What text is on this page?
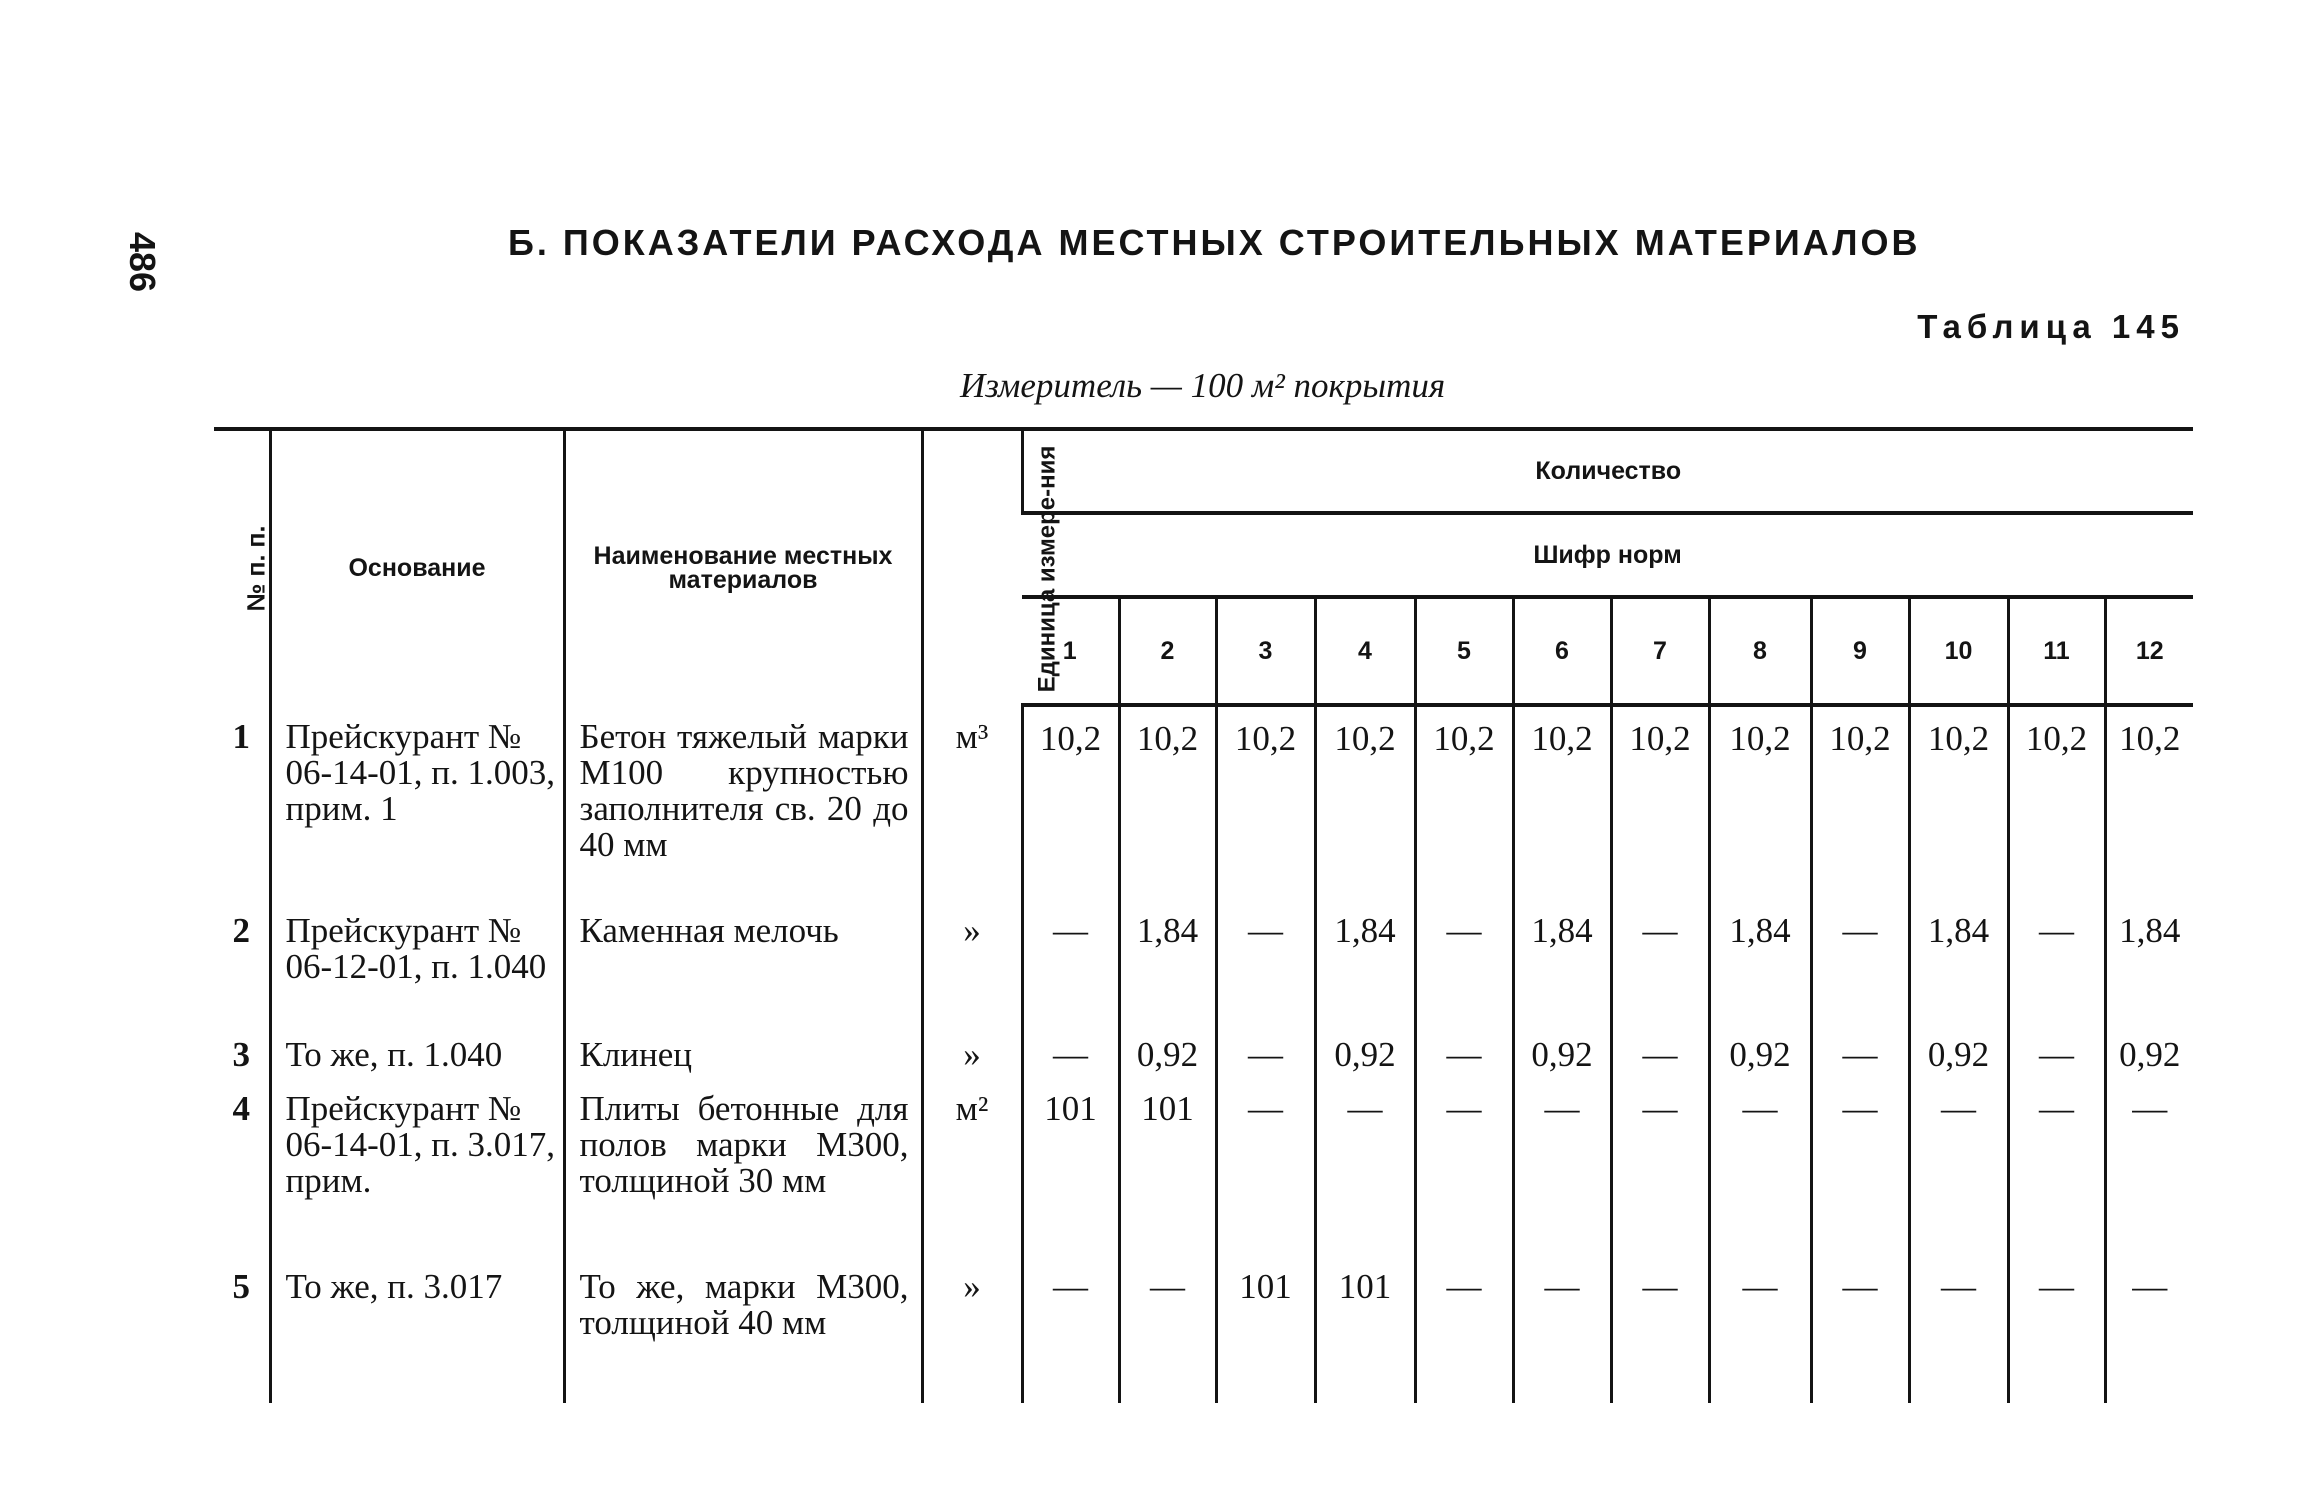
486	Б. ПОКАЗАТЕЛИ РАСХОДА МЕСТНЫХ СТРОИТЕЛЬНЫХ МАТЕРИАЛОВ
Таблица 145
Измеритель — 100 м² покрытия
№ п. п.	Основание	Наименование местных материалов	Единица измере-ния	Количество											
				Шифр норм											
				1	2	3	4	5	6	7	8	9	10	11	12
1	Прейскурант № 06-14-01, п. 1.003, прим. 1	Бетон тяжелый марки М100 крупностью заполнителя св. 20 до 40 мм	м³	10,2	10,2	10,2	10,2	10,2	10,2	10,2	10,2	10,2	10,2	10,2	10,2
2	Прейскурант № 06-12-01, п. 1.040	Каменная мелочь	»	—	1,84	—	1,84	—	1,84	—	1,84	—	1,84	—	1,84
3	То же, п. 1.040	Клинец	»	—	0,92	—	0,92	—	0,92	—	0,92	—	0,92	—	0,92
4	Прейскурант № 06-14-01, п. 3.017, прим.	Плиты бетонные для полов марки М300, толщиной 30 мм	м²	101	101	—	—	—	—	—	—	—	—	—	—
5	То же, п. 3.017	То же, марки М300, толщиной 40 мм	»	—	—	101	101	—	—	—	—	—	—	—	—
